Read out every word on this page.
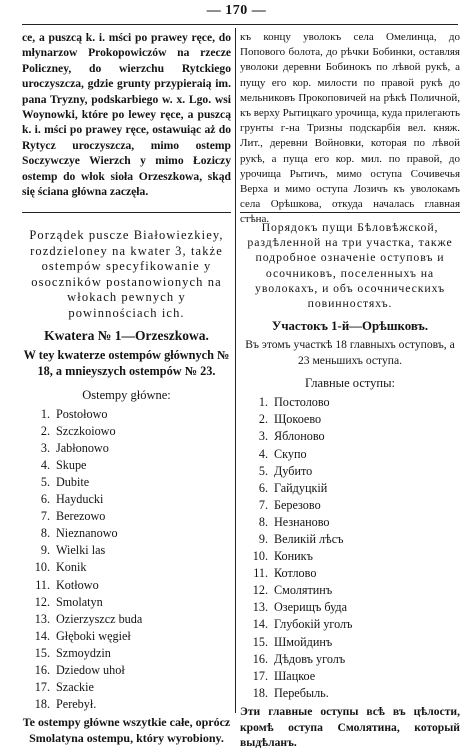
— 170 —

ce, a puszcą k. i. mści po prawey ręce, do młynarzow Prokopowiczów na rzecze Policzney, do wierzchu Rytckiego uroczyszcza, gdzie grunty przypieraią im. pana Tryzny, podskarbiego w. x. Lgo. wsi Woynowki, które po lewey ręce, a puszcą k. i. mści po prawey ręce, ostawuiąc aż do Rytycz uroczyszcza, mimo ostemp Soczywczye Wierzch y mimo Łoziczy ostemp do włok sioła Orzeszkowa, skąd się ściana główna zaczęła.

къ концу уволокъ села Омелинца, до Попового болота, до рѣчки Бобинки, оставляя уволоки деревни Бобинокъ по лѣвой рукѣ, а пущу его кор. милости по правой рукѣ до мельниковъ Прокоповичей на рѣкѣ Поличной, къ верху Рытицкаго урочища, куда прилегають грунты г-на Тризны подскарбія вел. княж. Лит., деревни Войновки, которая по лѣвой рукѣ, а пуща его кор. мил. по правой, до урочища Рытичъ, мимо оступа Сочивечья Верха и мимо оступа Лозичъ къ уволокамъ села Орѣшкова, откуда началась главная стѣна.

Porządek pusczе Białowiezkiey, rozdzielоney na kwater 3, także ostempów specyfikowanie y osocznіków postanowionych na włokach pewnych y powinnościach ich.

Kwatera № 1—Orzeszkowa.

W tey kwaterze ostempów głównych № 18, a mnieyszych ostempów № 23.

Ostempy główne:

1. Postołowo
2. Szczkoiowo
3. Jabłonowo
4. Skupe
5. Dubite
6. Hayducki
7. Berezowo
8. Nieznanowo
9. Wielki las
10. Konik
11. Kotłowo
12. Smolatyn
13. Ozierzyszcz buda
14. Głęboki węgieł
15. Szmoydzin
16. Dziedow uhoł
17. Szackie
18. Perebył.

Te ostempy główne wszytkie całe, oprócz Smolatyna ostempu, który wyrobiony.

Порядокъ пущи Бѣловѣжской, раздѣленной на три участка, также подробное означеніе оступовъ и осочниковъ, поселенныхъ на уволокахъ, и объ осочническихъ повинностяхъ.

Участокъ 1-й—Орѣшковъ.

Въ этомъ участкѣ 18 главныхъ оступовъ, а 23 меньшихъ оступа.

Главные оступы:

1. Постолово
2. Щокоево
3. Яблоново
4. Скупо
5. Дубито
6. Гайдуцкій
7. Березово
8. Незнаново
9. Великій лѣсъ
10. Коникъ
11. Котлово
12. Смолятинъ
13. Озерищъ буда
14. Глубокій уголъ
15. Шмойдинъ
16. Дѣдовъ уголъ
17. Шацкое
18. Перебыль.

Эти главные оступы всѣ въ цѣлости, кромѣ оступа Смолятина, который выдѣланъ.
